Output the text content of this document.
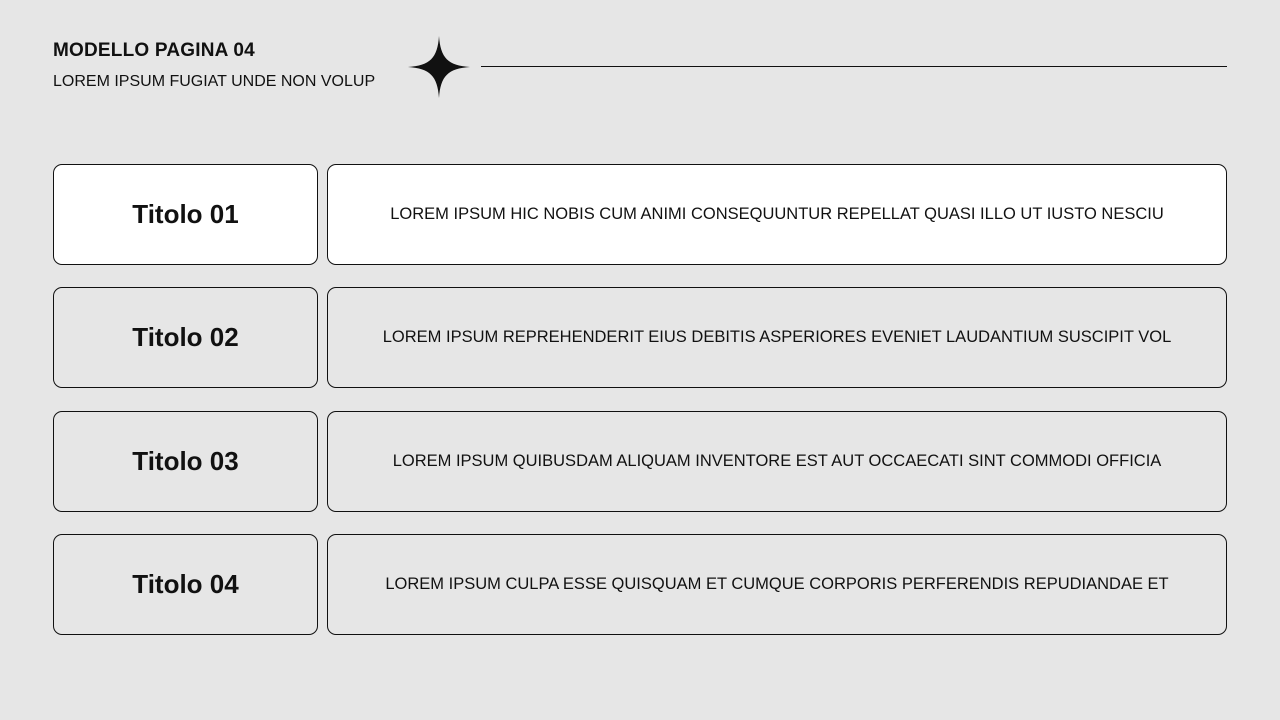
MODELLO PAGINA 04
LOREM IPSUM FUGIAT UNDE NON VOLUP
Titolo 01	LOREM IPSUM HIC NOBIS CUM ANIMI CONSEQUUNTUR REPELLAT QUASI ILLO UT IUSTO NESCIU
Titolo 02	LOREM IPSUM REPREHENDERIT EIUS DEBITIS ASPERIORES EVENIET LAUDANTIUM SUSCIPIT VOL
Titolo 03	LOREM IPSUM QUIBUSDAM ALIQUAM INVENTORE EST AUT OCCAECATI SINT COMMODI OFFICIA
Titolo 04	LOREM IPSUM CULPA ESSE QUISQUAM ET CUMQUE CORPORIS PERFERENDIS REPUDIANDAE ET
